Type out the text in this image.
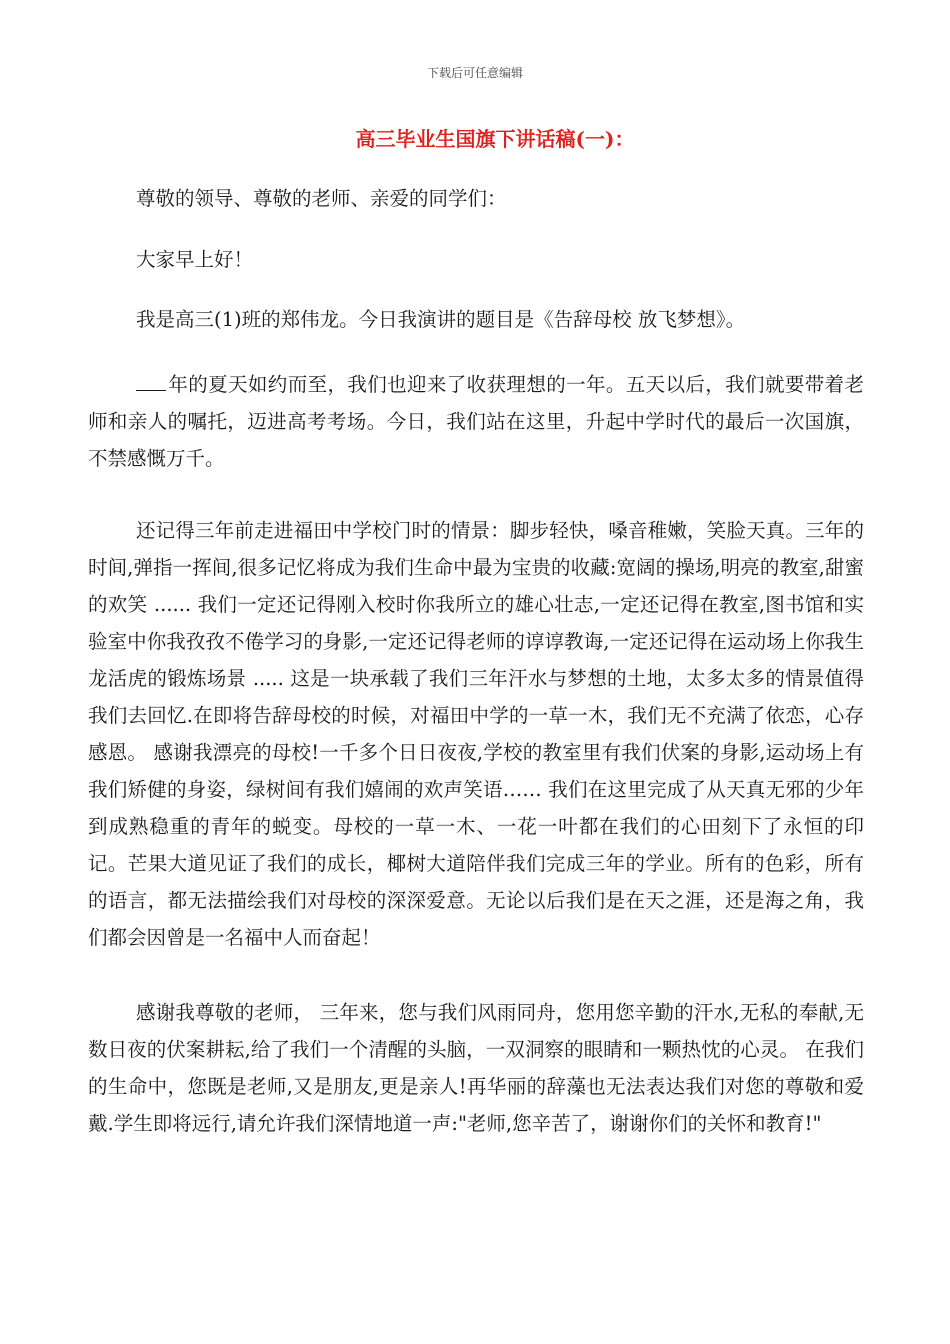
下载后可任意编辑
高三毕业生国旗下讲话稿(一)：

尊敬的领导、尊敬的老师、亲爱的同学们：

大家早上好！

我是高三(1)班的郑伟龙。今日我演讲的题目是《告辞母校 放飞梦想》。

年的夏天如约而至，我们也迎来了收获理想的一年。五天以后，我们就要带着老师和亲人的嘱托，迈进高考考场。今日，我们站在这里，升起中学时代的最后一次国旗，不禁感慨万千。

还记得三年前走进福田中学校门时的情景：脚步轻快，嗓音稚嫩，笑脸天真。三年的时间,弹指一挥间,很多记忆将成为我们生命中最为宝贵的收藏:宽阔的操场,明亮的教室,甜蜜的欢笑 ...... 我们一定还记得刚入校时你我所立的雄心壮志,一定还记得在教室,图书馆和实验室中你我孜孜不倦学习的身影,一定还记得老师的谆谆教诲,一定还记得在运动场上你我生龙活虎的锻炼场景 ..... 这是一块承载了我们三年汗水与梦想的土地，太多太多的情景值得我们去回忆.在即将告辞母校的时候，对福田中学的一草一木，我们无不充满了依恋，心存感恩。 感谢我漂亮的母校!一千多个日日夜夜,学校的教室里有我们伏案的身影,运动场上有我们矫健的身姿，绿树间有我们嬉闹的欢声笑语…… 我们在这里完成了从天真无邪的少年到成熟稳重的青年的蜕变。母校的一草一木、一花一叶都在我们的心田刻下了永恒的印记。芒果大道见证了我们的成长，椰树大道陪伴我们完成三年的学业。所有的色彩，所有的语言，都无法描绘我们对母校的深深爱意。无论以后我们是在天之涯，还是海之角，我们都会因曾是一名福中人而奋起！

感谢我尊敬的老师， 三年来，您与我们风雨同舟，您用您辛勤的汗水,无私的奉献,无数日夜的伏案耕耘,给了我们一个清醒的头脑，一双洞察的眼睛和一颗热忱的心灵。 在我们的生命中，您既是老师,又是朋友,更是亲人!再华丽的辞藻也无法表达我们对您的尊敬和爱戴.学生即将远行,请允许我们深情地道一声:"老师,您辛苦了，谢谢你们的关怀和教育!"
